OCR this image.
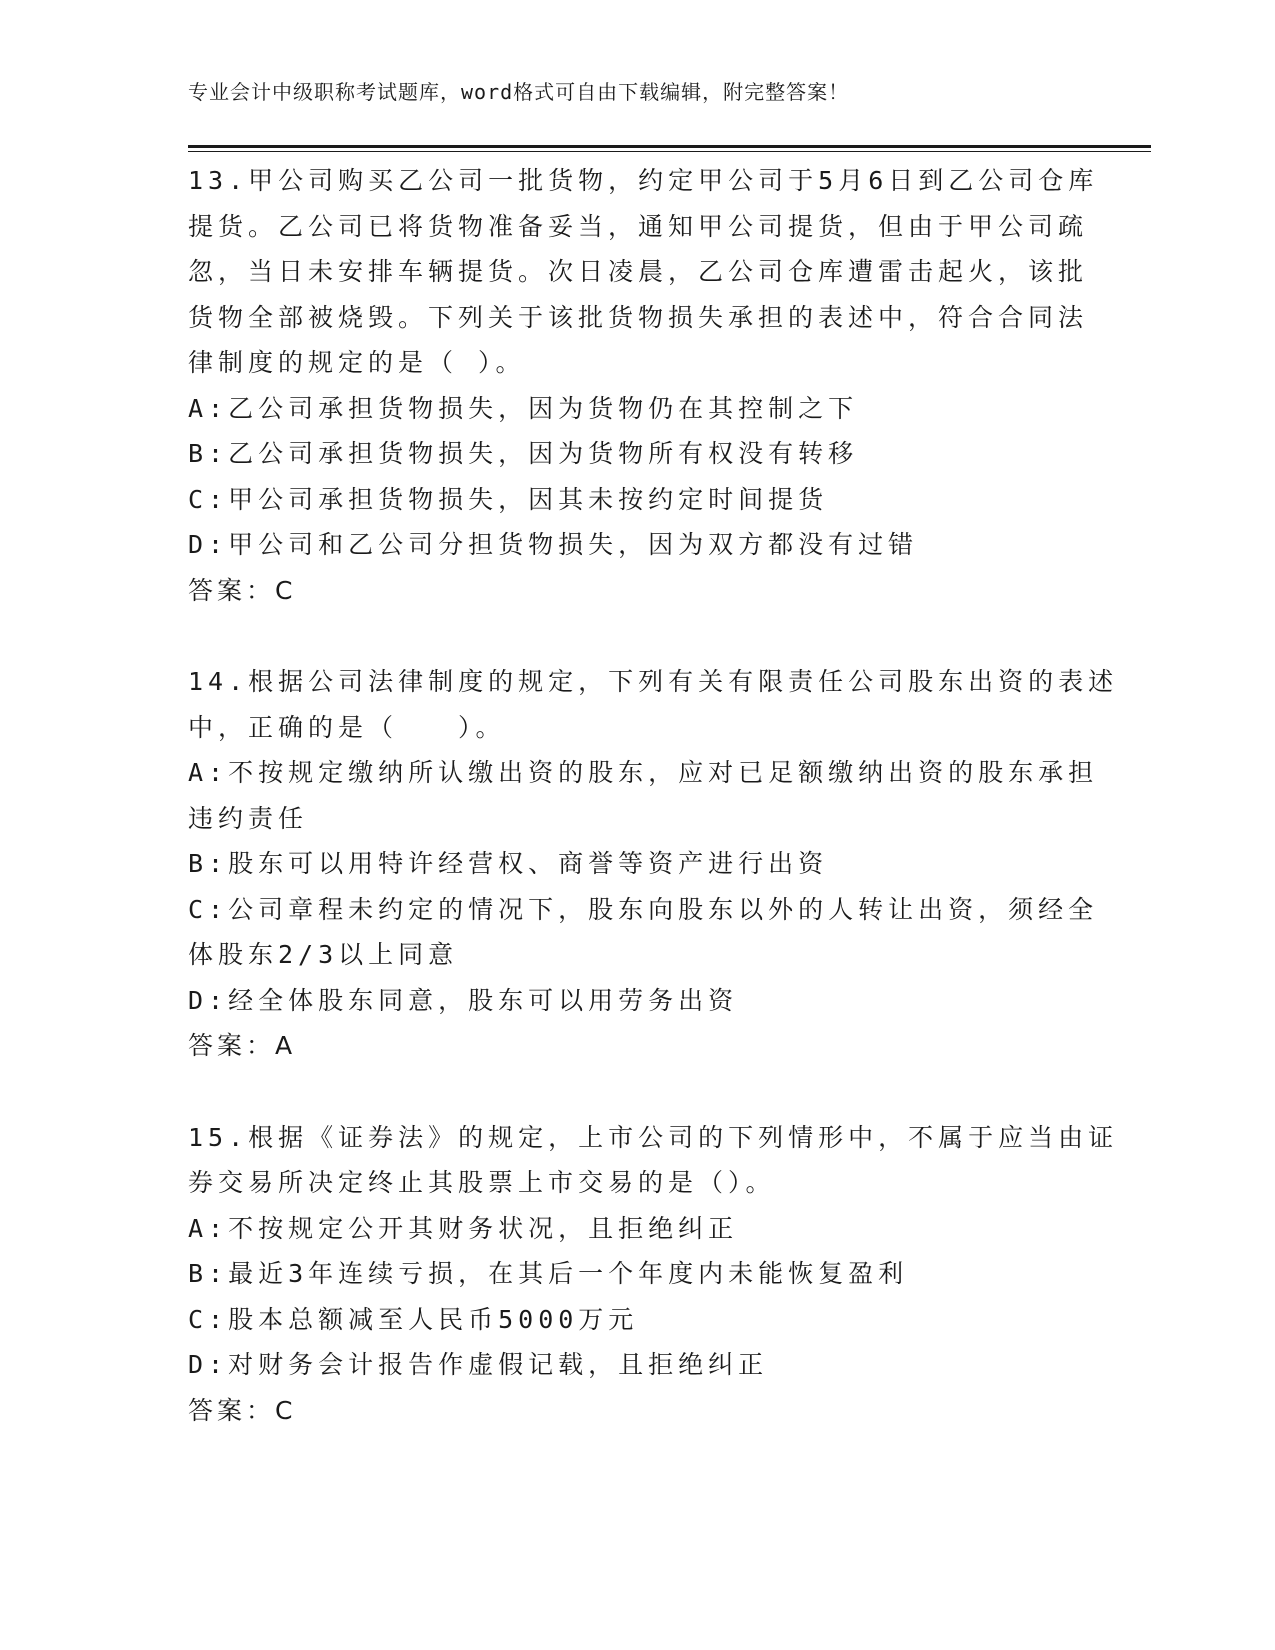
专业会计中级职称考试题库，word格式可自由下载编辑，附完整答案！
13.甲公司购买乙公司一批货物，约定甲公司于5月6日到乙公司仓库
提货。乙公司已将货物准备妥当，通知甲公司提货，但由于甲公司疏
忽，当日未安排车辆提货。次日凌晨，乙公司仓库遭雷击起火，该批
货物全部被烧毁。下列关于该批货物损失承担的表述中，符合合同法
律制度的规定的是（ ）。
A:乙公司承担货物损失，因为货物仍在其控制之下
B:乙公司承担货物损失，因为货物所有权没有转移
C:甲公司承担货物损失，因其未按约定时间提货
D:甲公司和乙公司分担货物损失，因为双方都没有过错
答案：C
14.根据公司法律制度的规定，下列有关有限责任公司股东出资的表述
中，正确的是（　　）。
A:不按规定缴纳所认缴出资的股东，应对已足额缴纳出资的股东承担
违约责任
B:股东可以用特许经营权、商誉等资产进行出资
C:公司章程未约定的情况下，股东向股东以外的人转让出资，须经全
体股东2/3以上同意
D:经全体股东同意，股东可以用劳务出资
答案：A
15.根据《证券法》的规定，上市公司的下列情形中，不属于应当由证
券交易所决定终止其股票上市交易的是（）。
A:不按规定公开其财务状况，且拒绝纠正
B:最近3年连续亏损，在其后一个年度内未能恢复盈利
C:股本总额减至人民币5000万元
D:对财务会计报告作虚假记载，且拒绝纠正
答案：C
